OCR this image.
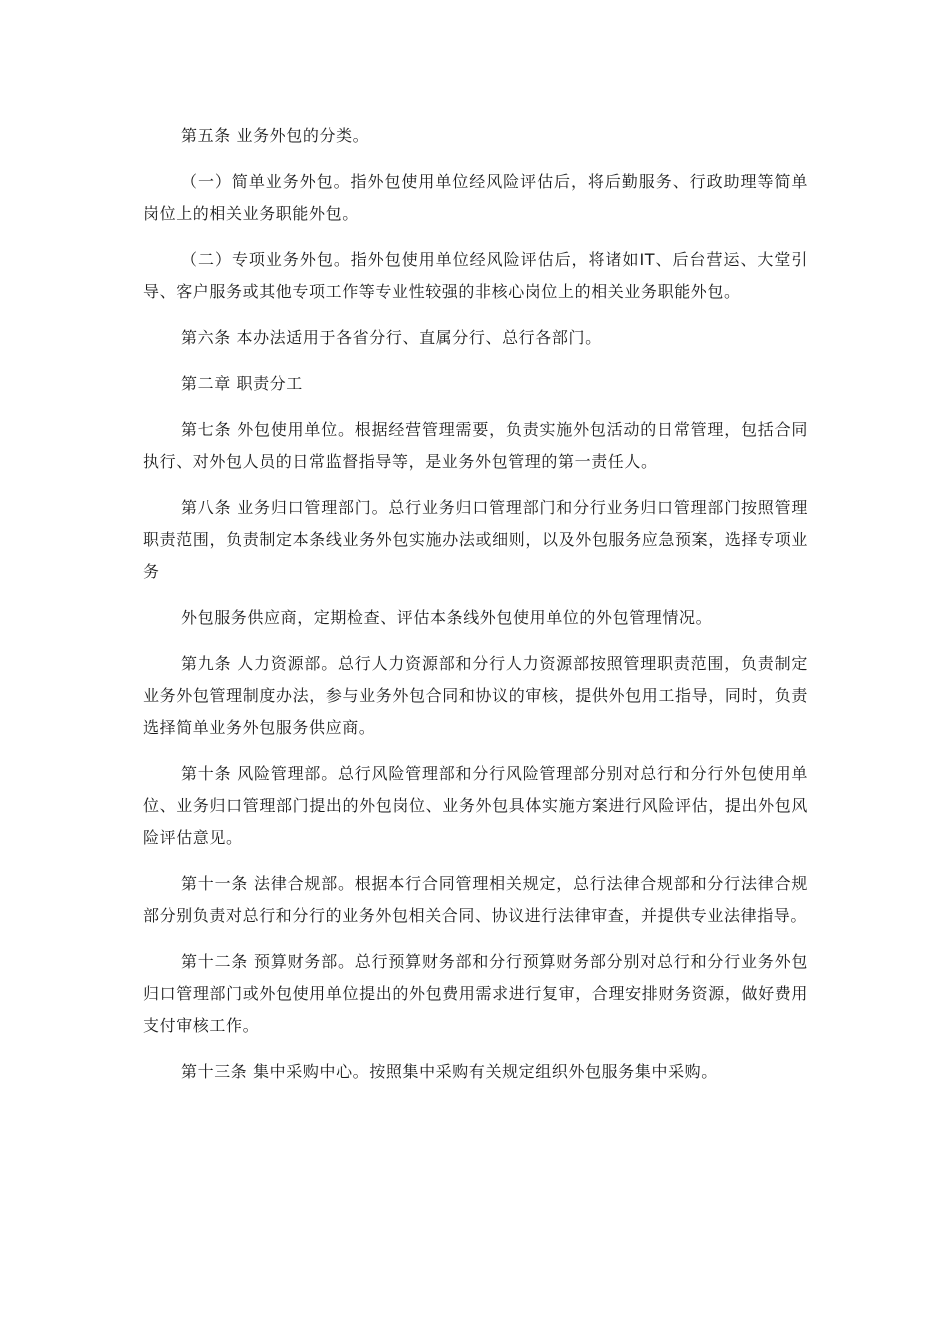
第五条 业务外包的分类。

（一）简单业务外包。指外包使用单位经风险评估后，将后勤服务、行政助理等简单岗位上的相关业务职能外包。

（二）专项业务外包。指外包使用单位经风险评估后，将诸如IT、后台营运、大堂引导、客户服务或其他专项工作等专业性较强的非核心岗位上的相关业务职能外包。

第六条 本办法适用于各省分行、直属分行、总行各部门。

第二章 职责分工

第七条 外包使用单位。根据经营管理需要，负责实施外包活动的日常管理，包括合同执行、对外包人员的日常监督指导等，是业务外包管理的第一责任人。

第八条 业务归口管理部门。总行业务归口管理部门和分行业务归口管理部门按照管理职责范围，负责制定本条线业务外包实施办法或细则，以及外包服务应急预案，选择专项业务

外包服务供应商，定期检查、评估本条线外包使用单位的外包管理情况。

第九条 人力资源部。总行人力资源部和分行人力资源部按照管理职责范围，负责制定业务外包管理制度办法，参与业务外包合同和协议的审核，提供外包用工指导，同时，负责选择简单业务外包服务供应商。

第十条 风险管理部。总行风险管理部和分行风险管理部分别对总行和分行外包使用单位、业务归口管理部门提出的外包岗位、业务外包具体实施方案进行风险评估，提出外包风险评估意见。

第十一条 法律合规部。根据本行合同管理相关规定，总行法律合规部和分行法律合规部分别负责对总行和分行的业务外包相关合同、协议进行法律审查，并提供专业法律指导。

第十二条 预算财务部。总行预算财务部和分行预算财务部分别对总行和分行业务外包归口管理部门或外包使用单位提出的外包费用需求进行复审，合理安排财务资源，做好费用支付审核工作。

第十三条 集中采购中心。按照集中采购有关规定组织外包服务集中采购。
